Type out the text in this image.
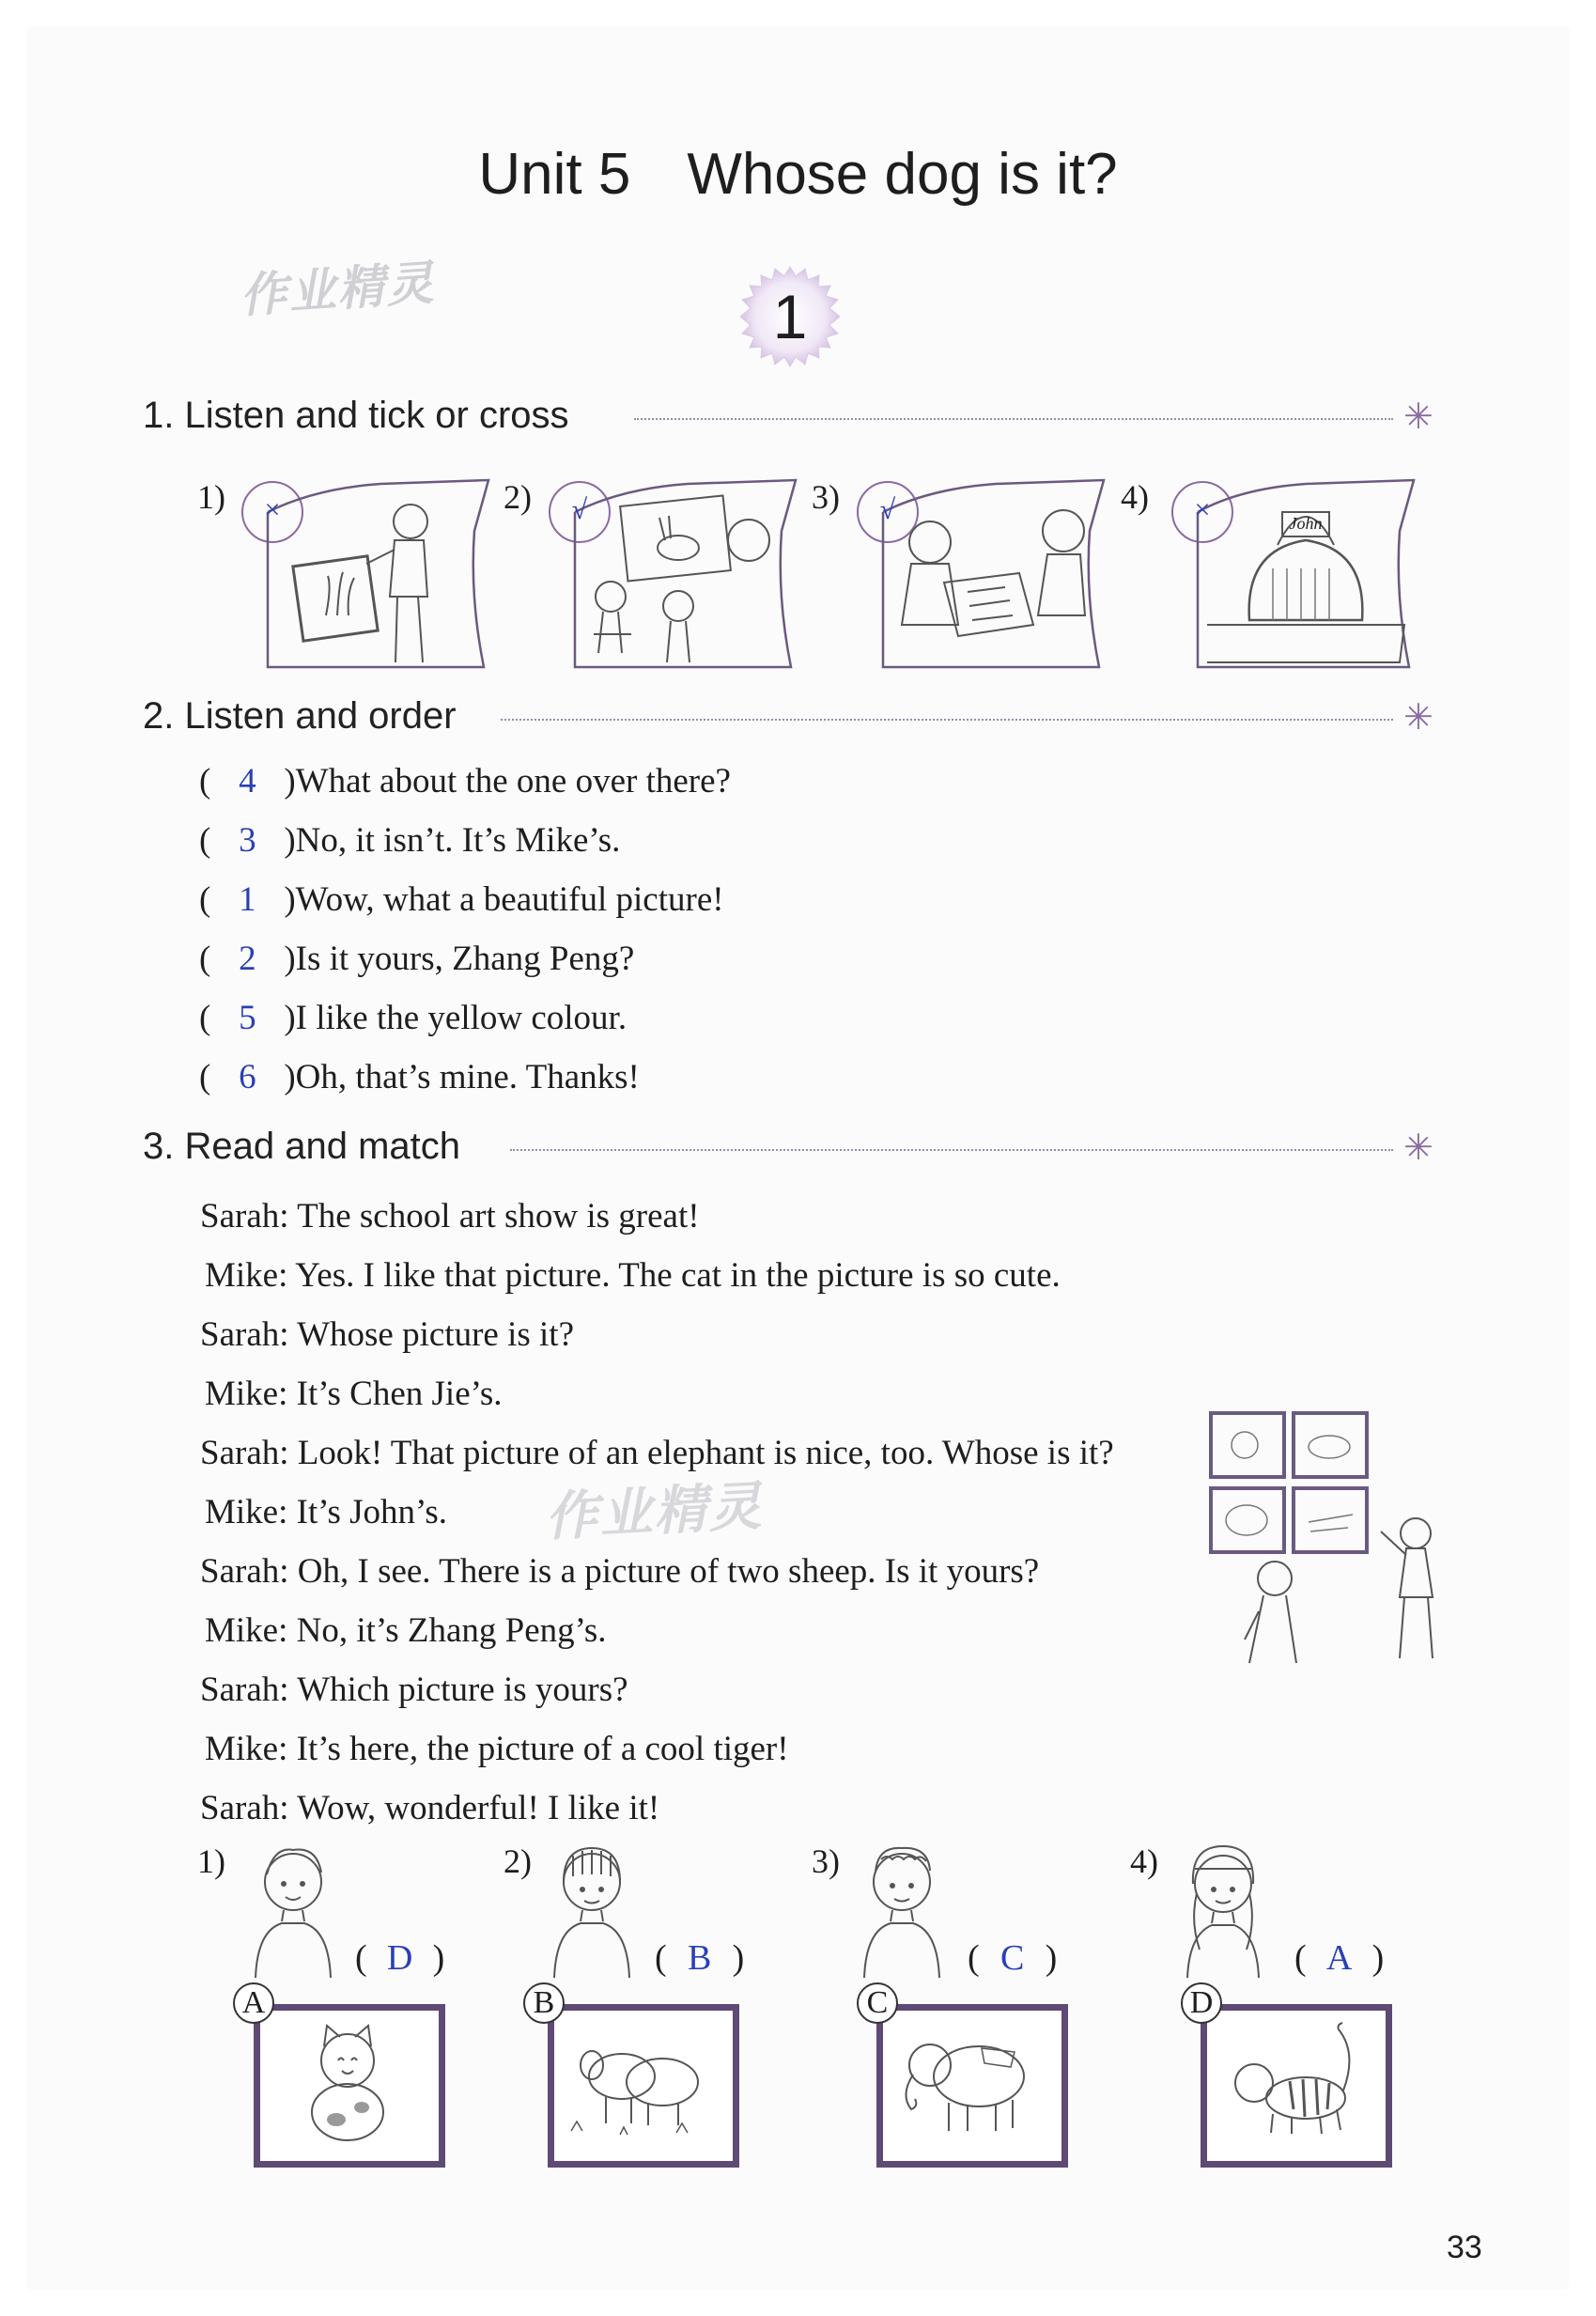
Unit 5 Whose dog is it?
作业精灵	1
1. Listen and tick or cross	✳
1)	×	2)	√	3)	√	4)
John
×
2. Listen and order	✳
( 4 )What about the one over there?
( 3 )No, it isn’t. It’s Mike’s.
( 1 )Wow, what a beautiful picture!
( 2 )Is it yours, Zhang Peng?
( 5 )I like the yellow colour.
( 6 )Oh, that’s mine. Thanks!
3. Read and match	✳
Sarah: The school art show is great!
Mike: Yes. I like that picture. The cat in the picture is so cute.
Sarah: Whose picture is it?
Mike: It’s Chen Jie’s.
Sarah: Look! That picture of an elephant is nice, too. Whose is it?
Mike: It’s John’s.
Sarah: Oh, I see. There is a picture of two sheep. Is it yours?
Mike: No, it’s Zhang Peng’s.
Sarah: Which picture is yours?
Mike: It’s here, the picture of a cool tiger!
Sarah: Wow, wonderful! I like it!
作业精灵
1)
( D )
2)
( B )
3)
( C )
4)
( A )
A	B	C	D
33
